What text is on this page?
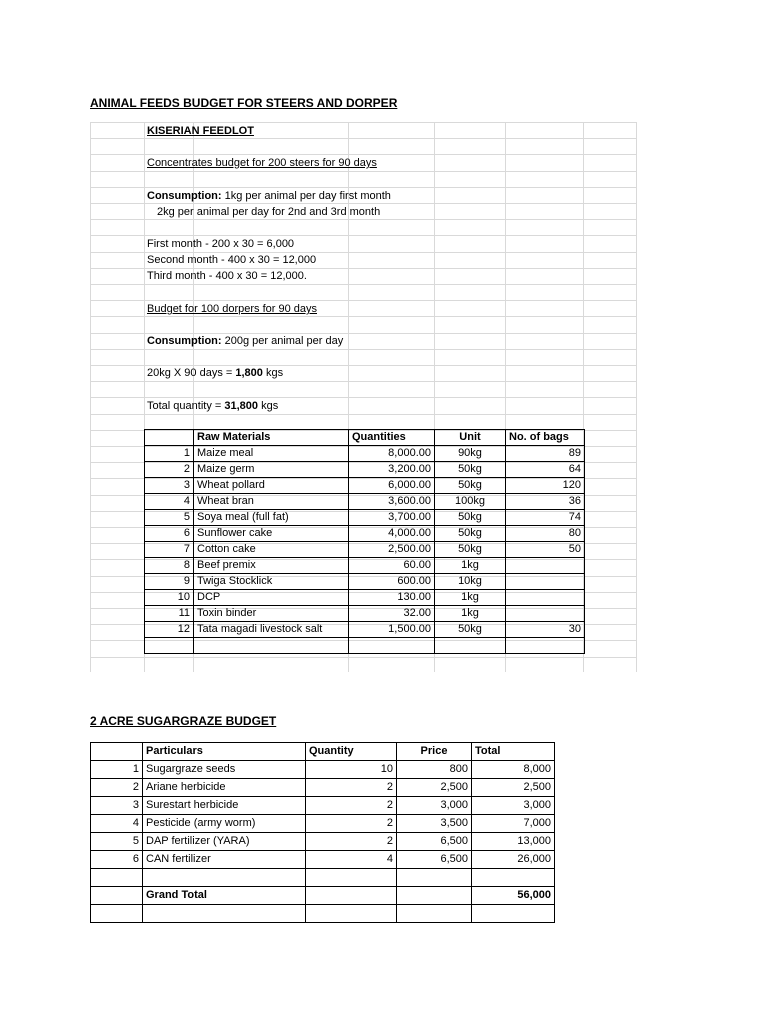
ANIMAL FEEDS BUDGET FOR STEERS AND DORPER
KISERIAN FEEDLOT
Concentrates budget for 200 steers for 90 days
Consumption: 1kg per animal per day first month
2kg per animal per day for 2nd and 3rd month
First month - 200 x 30 = 6,000
Second month - 400 x 30 = 12,000
Third month - 400 x 30 = 12,000.
Budget for 100 dorpers for 90 days
Consumption: 200g per animal per day
20kg X 90 days = 1,800 kgs
Total quantity = 31,800 kgs
	Raw Materials	Quantities	Unit	No. of bags
1	Maize meal	8,000.00	90kg	89
2	Maize germ	3,200.00	50kg	64
3	Wheat pollard	6,000.00	50kg	120
4	Wheat bran	3,600.00	100kg	36
5	Soya meal (full fat)	3,700.00	50kg	74
6	Sunflower cake	4,000.00	50kg	80
7	Cotton cake	2,500.00	50kg	50
8	Beef premix	60.00	1kg	
9	Twiga Stocklick	600.00	10kg	
10	DCP	130.00	1kg	
11	Toxin binder	32.00	1kg	
12	Tata magadi livestock salt	1,500.00	50kg	30

2 ACRE SUGARGRAZE BUDGET
	Particulars	Quantity	Price	Total
1	Sugargraze seeds	10	800	8,000
2	Ariane herbicide	2	2,500	2,500
3	Surestart herbicide	2	3,000	3,000
4	Pesticide (army worm)	2	3,500	7,000
5	DAP fertilizer (YARA)	2	6,500	13,000
6	CAN fertilizer	4	6,500	26,000

	Grand Total			56,000
